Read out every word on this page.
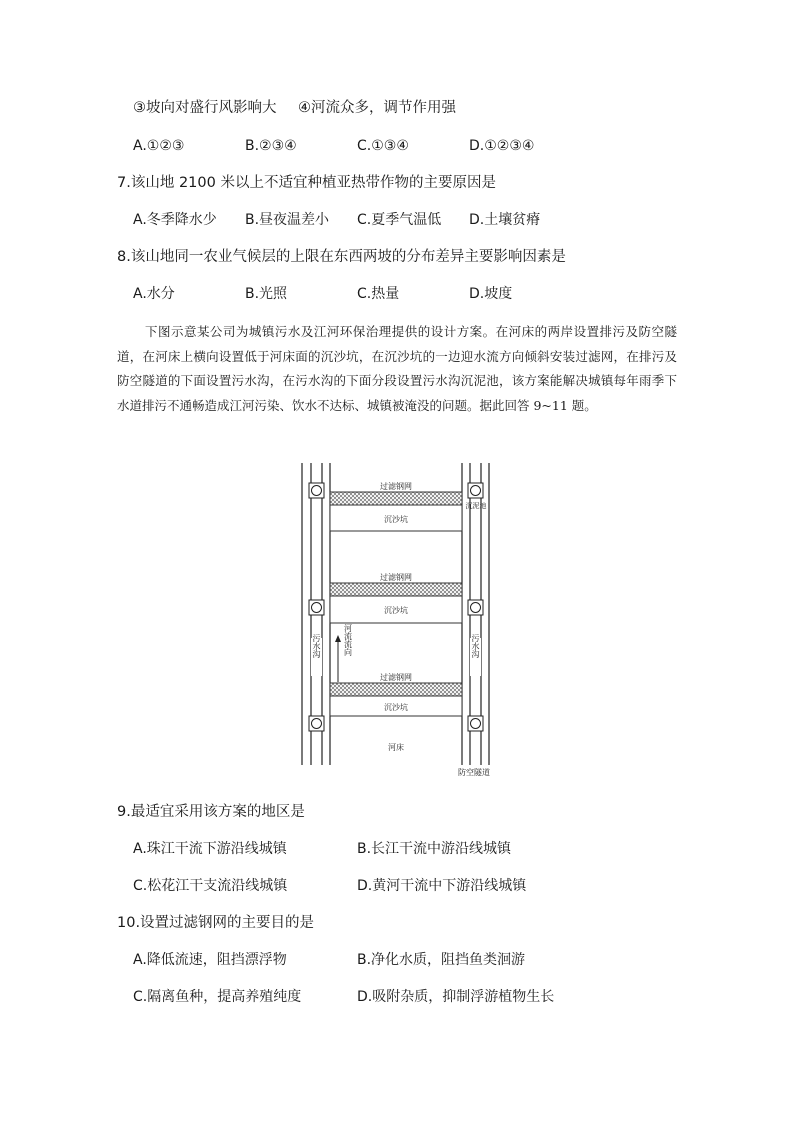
③坡向对盛行风影响大 ④河流众多，调节作用强
A.①②③	B.②③④	C.①③④	D.①②③④
7.该山地 2100 米以上不适宜种植亚热带作物的主要原因是
A.冬季降水少 B.昼夜温差小 C.夏季气温低 D.土壤贫瘠
8.该山地同一农业气候层的上限在东西两坡的分布差异主要影响因素是
A.水分	B.光照	C.热量	D.坡度

下图示意某公司为城镇污水及江河环保治理提供的设计方案。在河床的两岸设置排污及防空隧道，在河床上横向设置低于河床面的沉沙坑，在沉沙坑的一边迎水流方向倾斜安装过滤网，在排污及防空隧道的下面设置污水沟，在污水沟的下面分段设置污水沟沉泥池，该方案能解决城镇每年雨季下水道排污不通畅造成江河污染、饮水不达标、城镇被淹没的问题。据此回答 9~11 题。

过滤钢网
沉沙坑
沉泥池
过滤钢网
沉沙坑
过滤钢网
沉沙坑
河床
污水沟	污水沟
河流流向
防空隧道
9.最适宜采用该方案的地区是
A.珠江干流下游沿线城镇	B.长江干流中游沿线城镇
C.松花江干支流沿线城镇	D.黄河干流中下游沿线城镇
10.设置过滤钢网的主要目的是
A.降低流速，阻挡漂浮物	B.净化水质，阻挡鱼类洄游
C.隔离鱼种，提高养殖纯度	D.吸附杂质，抑制浮游植物生长
